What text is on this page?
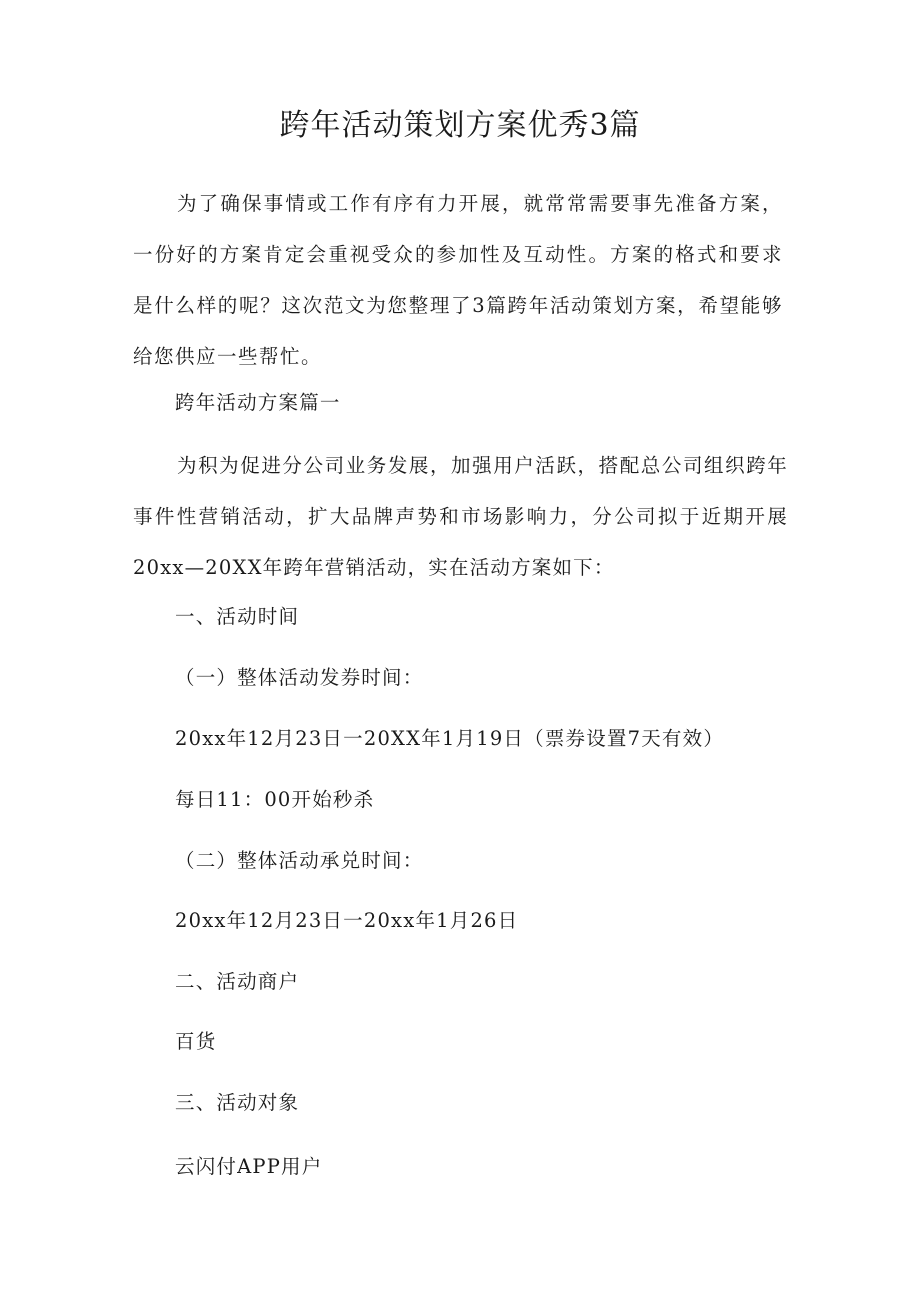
跨年活动策划方案优秀3篇

为了确保事情或工作有序有力开展，就常常需要事先准备方案，一份好的方案肯定会重视受众的参加性及互动性。方案的格式和要求是什么样的呢？这次范文为您整理了3篇跨年活动策划方案，希望能够给您供应一些帮忙。

跨年活动方案篇一

为积为促进分公司业务发展，加强用户活跃，搭配总公司组织跨年事件性营销活动，扩大品牌声势和市场影响力，分公司拟于近期开展20xx—20XX年跨年营销活动，实在活动方案如下：

一、活动时间

（一）整体活动发券时间：

20xx年12月23日一20XX年1月19日（票券设置7天有效）

每日11：00开始秒杀

（二）整体活动承兑时间：

20xx年12月23日一20xx年1月26日

二、活动商户

百货

三、活动对象

云闪付APP用户
